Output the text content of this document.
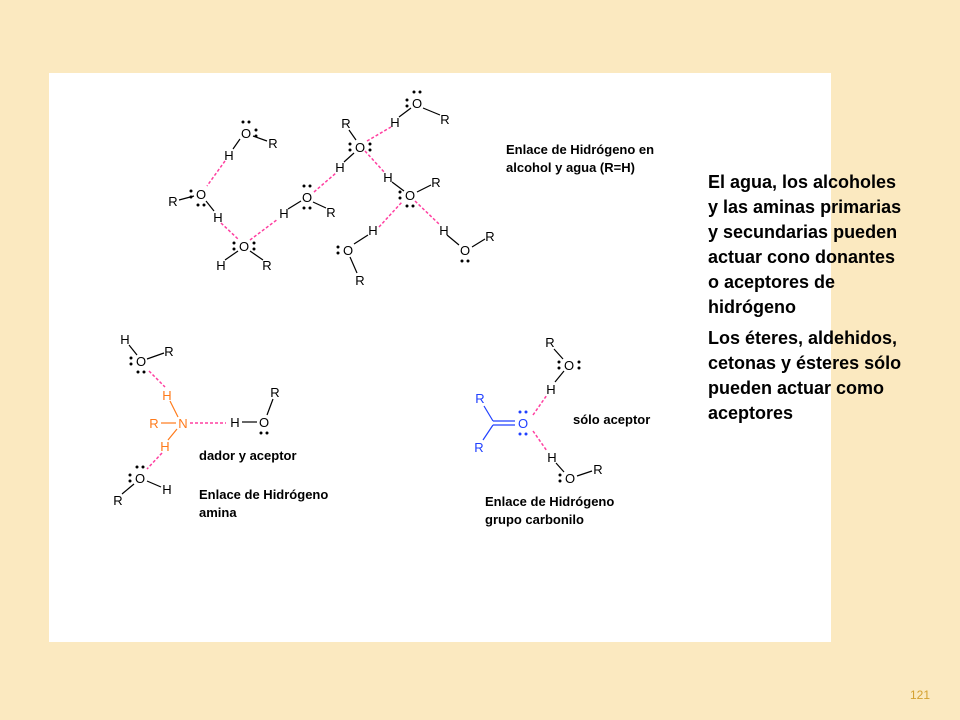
O
H
R
O
R
H
O
H	R
O
H	R
O
R
H
O
H	R
O
H	R
O
H
R
O
H	R
O
H
R
N
R
H
H
H O
R
O
H
R
R
R
O
O
R
H
H
O
R
Enlace de Hidrógeno en
alcohol y agua (R=H)
dador y aceptor
Enlace de Hidrógeno
amina
sólo aceptor
Enlace de Hidrógeno
grupo carbonilo

El agua, los alcoholes y las aminas primarias y secundarias pueden actuar cono donantes o aceptores de hidrógeno

Los éteres, aldehidos, cetonas y ésteres sólo pueden actuar como aceptores

121
